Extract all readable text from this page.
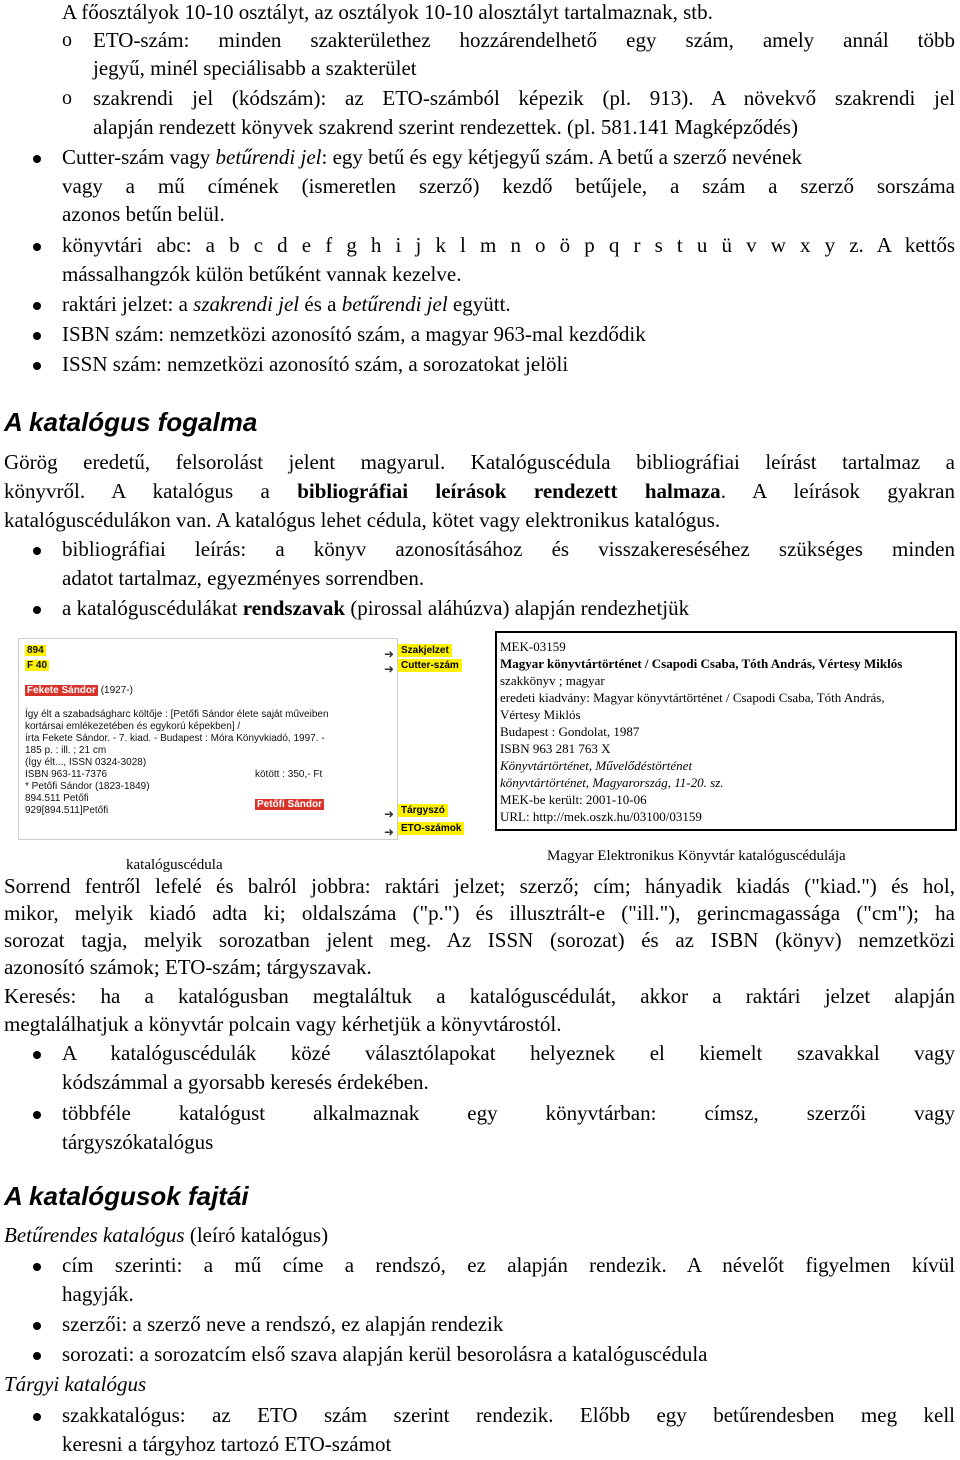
A főosztályok 10-10 osztályt, az osztályok 10-10 alosztályt tartalmaznak, stb.
o ETO-szám: minden szakterülethez hozzárendelhető egy szám, amely annál több
jegyű, minél speciálisabb a szakterület
o szakrendi jel (kódszám): az ETO-számból képezik (pl. 913). A növekvő szakrendi jel
alapján rendezett könyvek szakrend szerint rendezettek. (pl. 581.141 Magképződés)
Cutter-szám vagy betűrendi jel: egy betű és egy kétjegyű szám. A betű a szerző nevének
vagy a mű címének (ismeretlen szerző) kezdő betűjele, a szám a szerző sorszáma
azonos betűn belül.
könyvtári abc: a b c d e f g h i j k l m n o ö p q r s t u ü v w x y z. A kettős
mássalhangzók külön betűként vannak kezelve.
raktári jelzet: a szakrendi jel és a betűrendi jel együtt.
ISBN szám: nemzetközi azonosító szám, a magyar 963-mal kezdődik
ISSN szám: nemzetközi azonosító szám, a sorozatokat jelöli
A katalógus fogalma
Görög eredetű, felsorolást jelent magyarul. Katalóguscédula bibliográfiai leírást tartalmaz a
könyvről. A katalógus a bibliográfiai leírások rendezett halmaza. A leírások gyakran
katalóguscédulákon van. A katalógus lehet cédula, kötet vagy elektronikus katalógus.
bibliográfiai leírás: a könyv azonosításához és visszakereséséhez szükséges minden
adatot tartalmaz, egyezményes sorrendben.
a katalóguscédulákat rendszavak (pirossal aláhúzva) alapján rendezhetjük
894
F 40
Fekete Sándor (1927-)
Így élt a szabadságharc költője : [Petőfi Sándor élete saját műveiben
kortársai emlékezetében és egykorú képekben] /
írta Fekete Sándor. - 7. kiad. - Budapest : Móra Könyvkiadó, 1997. -
185 p. : ill. ; 21 cm
(Így élt..., ISSN 0324-3028)
ISBN 963-11-7376	kötött : 350,- Ft
* Petőfi Sándor (1823-1849)
894.511 Petőfi
929[894.511]Petőfi
Petőfi Sándor
➜ Szakjelzet
➜ Cutter-szám
➜ Tárgyszó
➜ ETO-számok
katalóguscédula
MEK-03159
Magyar könyvtártörténet / Csapodi Csaba, Tóth András, Vértesy Miklós
szakkönyv ; magyar
eredeti kiadvány: Magyar könyvtártörténet / Csapodi Csaba, Tóth András,
Vértesy Miklós
Budapest : Gondolat, 1987
ISBN 963 281 763 X
Könyvtártörténet, Művelődéstörténet
könyvtártörténet, Magyarország, 11-20. sz.
MEK-be került: 2001-10-06
URL: http://mek.oszk.hu/03100/03159
Magyar Elektronikus Könyvtár katalóguscédulája
Sorrend fentről lefelé és balról jobbra: raktári jelzet; szerző; cím; hányadik kiadás ("kiad.") és hol,
mikor, melyik kiadó adta ki; oldalszáma ("p.") és illusztrált-e ("ill."), gerincmagassága ("cm"); ha
sorozat tagja, melyik sorozatban jelent meg. Az ISSN (sorozat) és az ISBN (könyv) nemzetközi
azonosító számok; ETO-szám; tárgyszavak.
Keresés: ha a katalógusban megtaláltuk a katalóguscédulát, akkor a raktári jelzet alapján
megtalálhatjuk a könyvtár polcain vagy kérhetjük a könyvtárostól.
A katalóguscédulák közé választólapokat helyeznek el kiemelt szavakkal vagy
kódszámmal a gyorsabb keresés érdekében.
többféle katalógust alkalmaznak egy könyvtárban: címsz, szerzői vagy
tárgyszókatalógus
A katalógusok fajtái
Betűrendes katalógus (leíró katalógus)
cím szerinti: a mű címe a rendszó, ez alapján rendezik. A névelőt figyelmen kívül
hagyják.
szerzői: a szerző neve a rendszó, ez alapján rendezik
sorozati: a sorozatcím első szava alapján kerül besorolásra a katalóguscédula
Tárgyi katalógus
szakkatalógus: az ETO szám szerint rendezik. Előbb egy betűrendesben meg kell
keresni a tárgyhoz tartozó ETO-számot
